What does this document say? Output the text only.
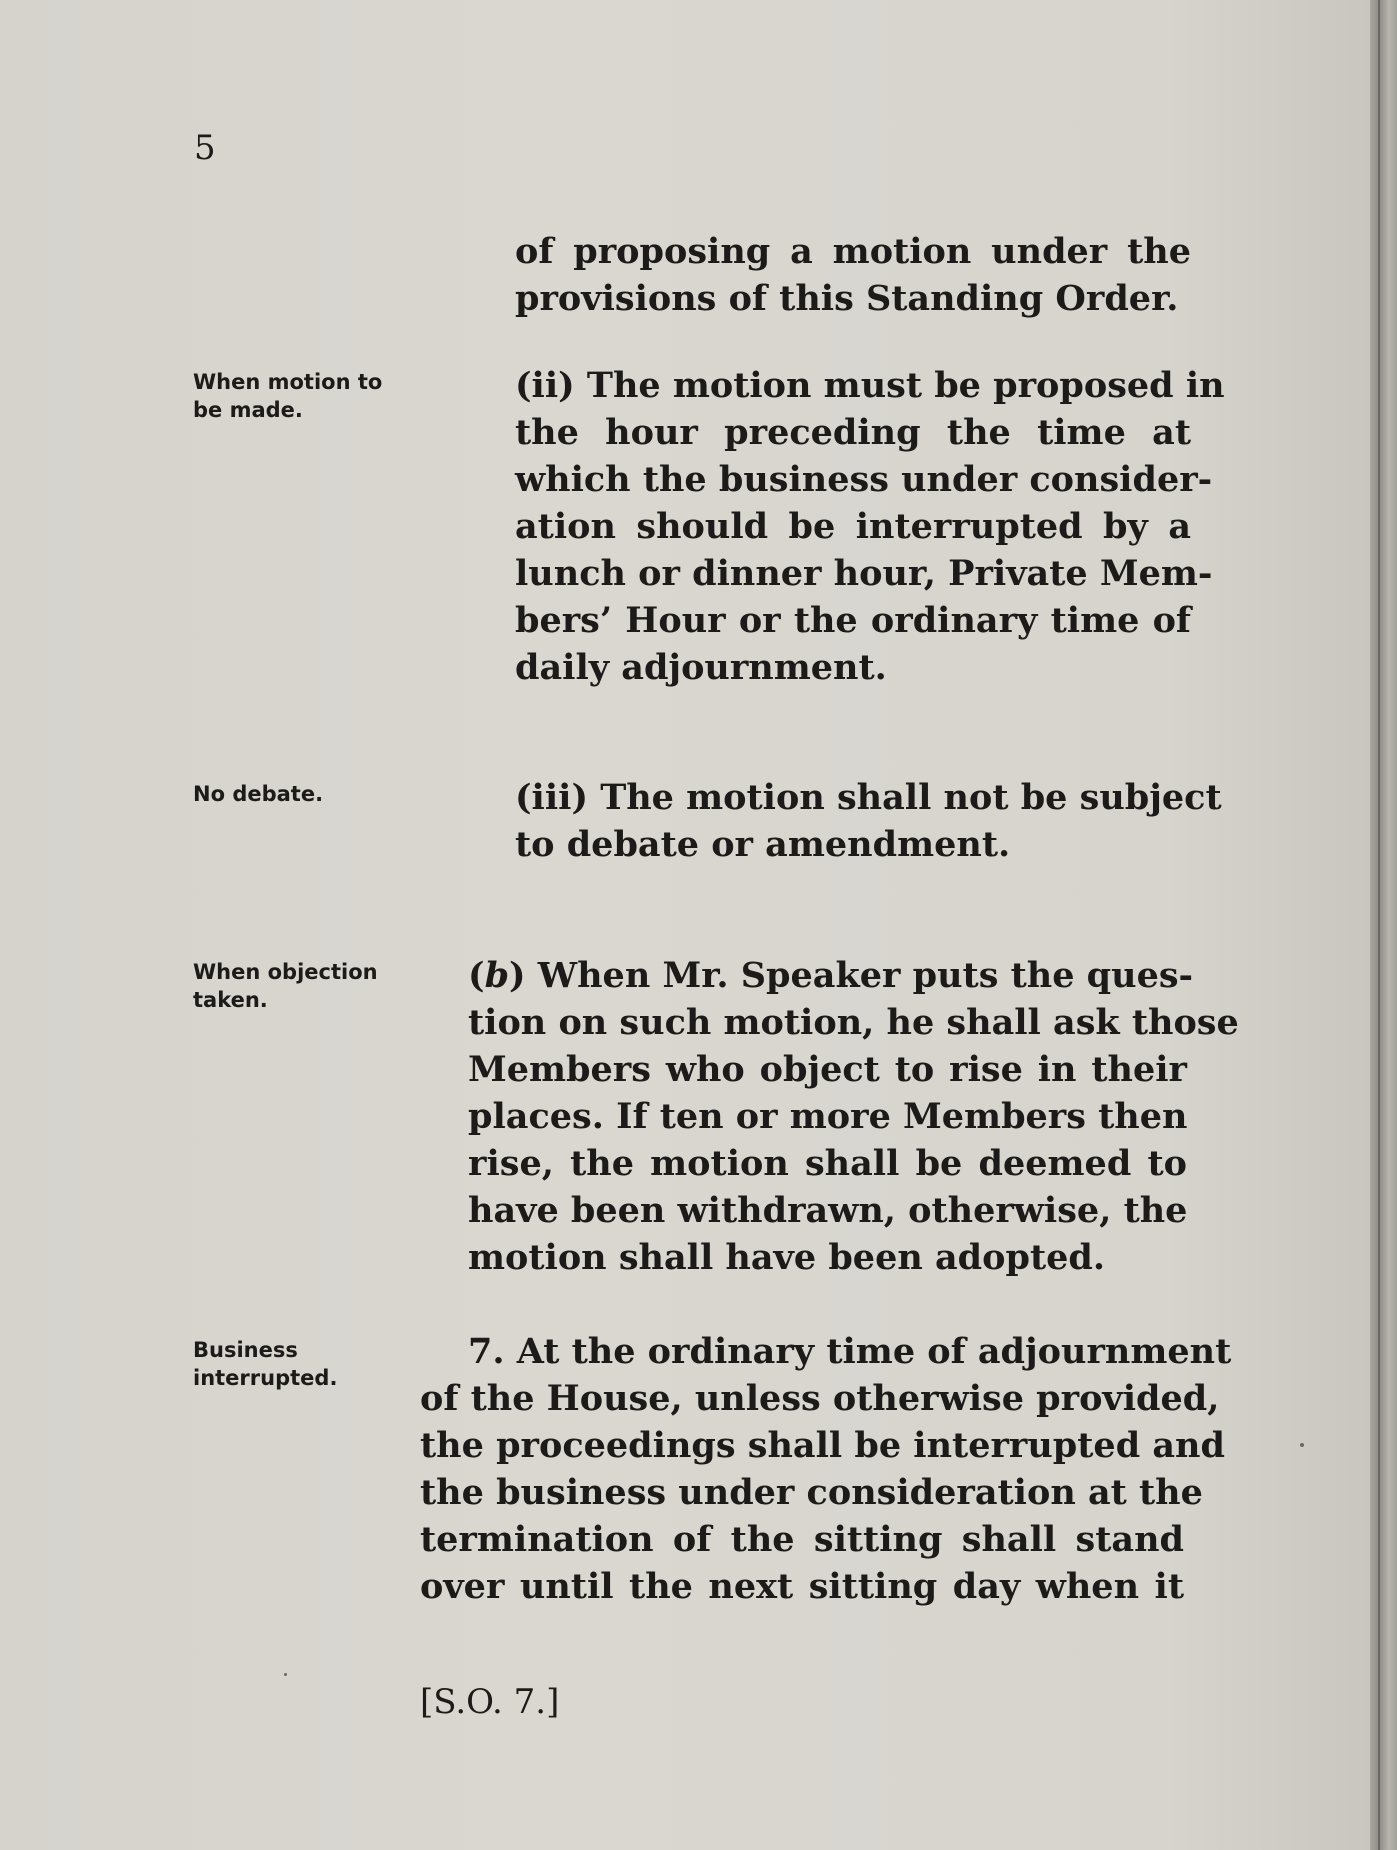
5
of proposing a motion under the
provisions of this Standing Order.
When motion to
be made.
(ii) The motion must be proposed in
the hour preceding the time at
which the business under consider-
ation should be interrupted by a
lunch or dinner hour, Private Mem-
bers’ Hour or the ordinary time of
daily adjournment.
No debate.	(iii) The motion shall not be subject
to debate or amendment.
When objection
taken.
(b) When Mr. Speaker puts the ques-
tion on such motion, he shall ask those
Members who object to rise in their
places. If ten or more Members then
rise, the motion shall be deemed to
have been withdrawn, otherwise, the
motion shall have been adopted.
Business
interrupted.
7. At the ordinary time of adjournment
of the House, unless otherwise provided,
the proceedings shall be interrupted and
the business under consideration at the
termination of the sitting shall stand
over until the next sitting day when it
[S.O. 7.]
